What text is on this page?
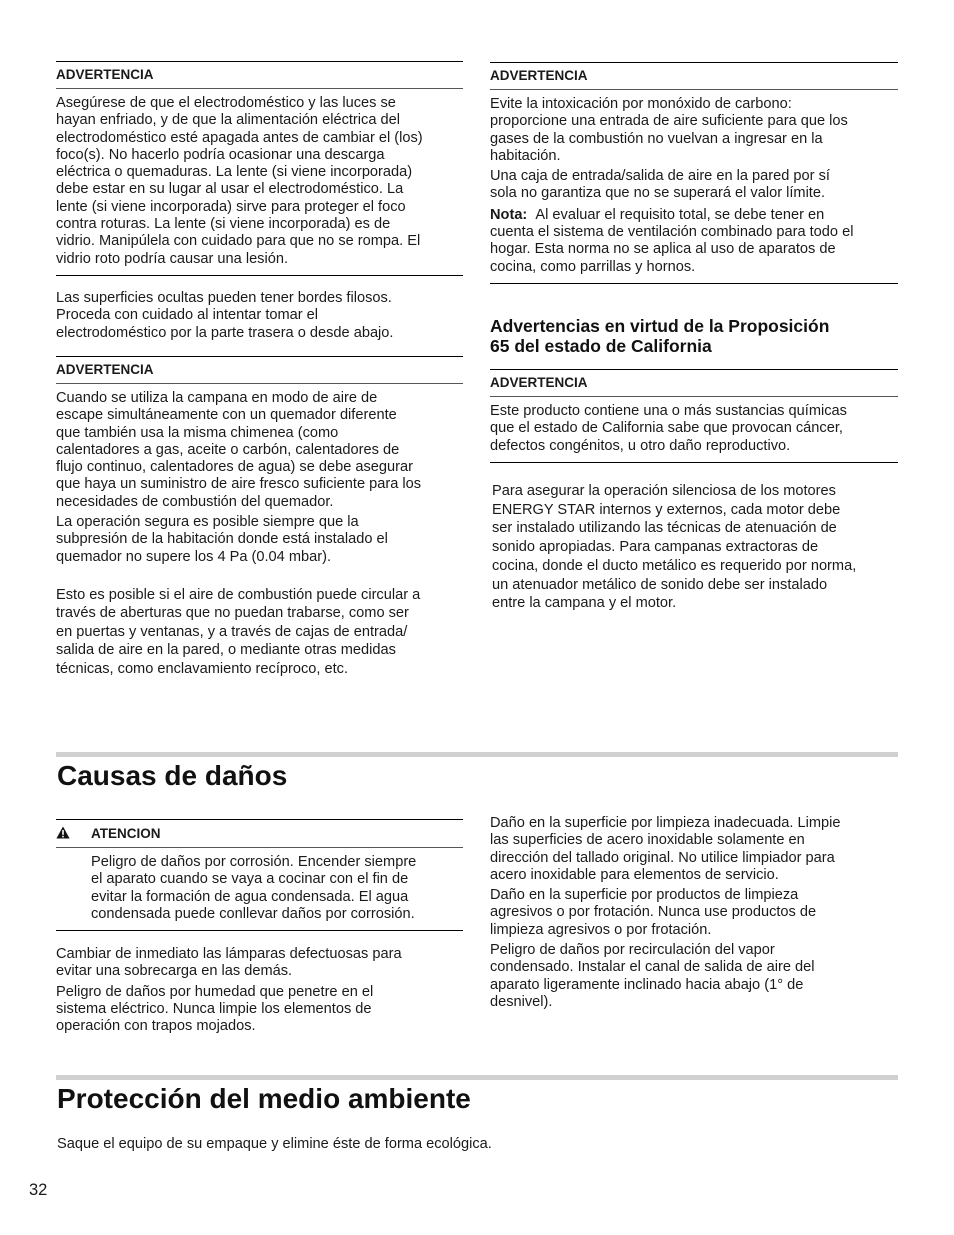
ADVERTENCIA
Asegúrese de que el electrodoméstico y las luces se
hayan enfriado, y de que la alimentación eléctrica del
electrodoméstico esté apagada antes de cambiar el (los)
foco(s). No hacerlo podría ocasionar una descarga
eléctrica o quemaduras. La lente (si viene incorporada)
debe estar en su lugar al usar el electrodoméstico. La
lente (si viene incorporada) sirve para proteger el foco
contra roturas. La lente (si viene incorporada) es de
vidrio. Manipúlela con cuidado para que no se rompa. El
vidrio roto podría causar una lesión.
Las superficies ocultas pueden tener bordes filosos.
Proceda con cuidado al intentar tomar el
electrodoméstico por la parte trasera o desde abajo.
ADVERTENCIA
Cuando se utiliza la campana en modo de aire de
escape simultáneamente con un quemador diferente
que también usa la misma chimenea (como
calentadores a gas, aceite o carbón, calentadores de
flujo continuo, calentadores de agua) se debe asegurar
que haya un suministro de aire fresco suficiente para los
necesidades de combustión del quemador.
La operación segura es posible siempre que la
subpresión de la habitación donde está instalado el
quemador no supere los 4 Pa (0.04 mbar).
Esto es posible si el aire de combustión puede circular a
través de aberturas que no puedan trabarse, como ser
en puertas y ventanas, y a través de cajas de entrada/
salida de aire en la pared, o mediante otras medidas
técnicas, como enclavamiento recíproco, etc.
ADVERTENCIA
Evite la intoxicación por monóxido de carbono:
proporcione una entrada de aire suficiente para que los
gases de la combustión no vuelvan a ingresar en la
habitación.
Una caja de entrada/salida de aire en la pared por sí
sola no garantiza que no se superará el valor límite.
Nota: Al evaluar el requisito total, se debe tener en
cuenta el sistema de ventilación combinado para todo el
hogar. Esta norma no se aplica al uso de aparatos de
cocina, como parrillas y hornos.
Advertencias en virtud de la Proposición
65 del estado de California
ADVERTENCIA
Este producto contiene una o más sustancias químicas
que el estado de California sabe que provocan cáncer,
defectos congénitos, u otro daño reproductivo.
Para asegurar la operación silenciosa de los motores
ENERGY STAR internos y externos, cada motor debe
ser instalado utilizando las técnicas de atenuación de
sonido apropiadas. Para campanas extractoras de
cocina, donde el ducto metálico es requerido por norma,
un atenuador metálico de sonido debe ser instalado
entre la campana y el motor.
Causas de daños
ATENCION
Peligro de daños por corrosión. Encender siempre
el aparato cuando se vaya a cocinar con el fin de
evitar la formación de agua condensada. El agua
condensada puede conllevar daños por corrosión.
Cambiar de inmediato las lámparas defectuosas para
evitar una sobrecarga en las demás.
Peligro de daños por humedad que penetre en el
sistema eléctrico. Nunca limpie los elementos de
operación con trapos mojados.
Daño en la superficie por limpieza inadecuada. Limpie
las superficies de acero inoxidable solamente en
dirección del tallado original. No utilice limpiador para
acero inoxidable para elementos de servicio.
Daño en la superficie por productos de limpieza
agresivos o por frotación. Nunca use productos de
limpieza agresivos o por frotación.
Peligro de daños por recirculación del vapor
condensado. Instalar el canal de salida de aire del
aparato ligeramente inclinado hacia abajo (1° de
desnivel).
Protección del medio ambiente
Saque el equipo de su empaque y elimine éste de forma ecológica.
32
